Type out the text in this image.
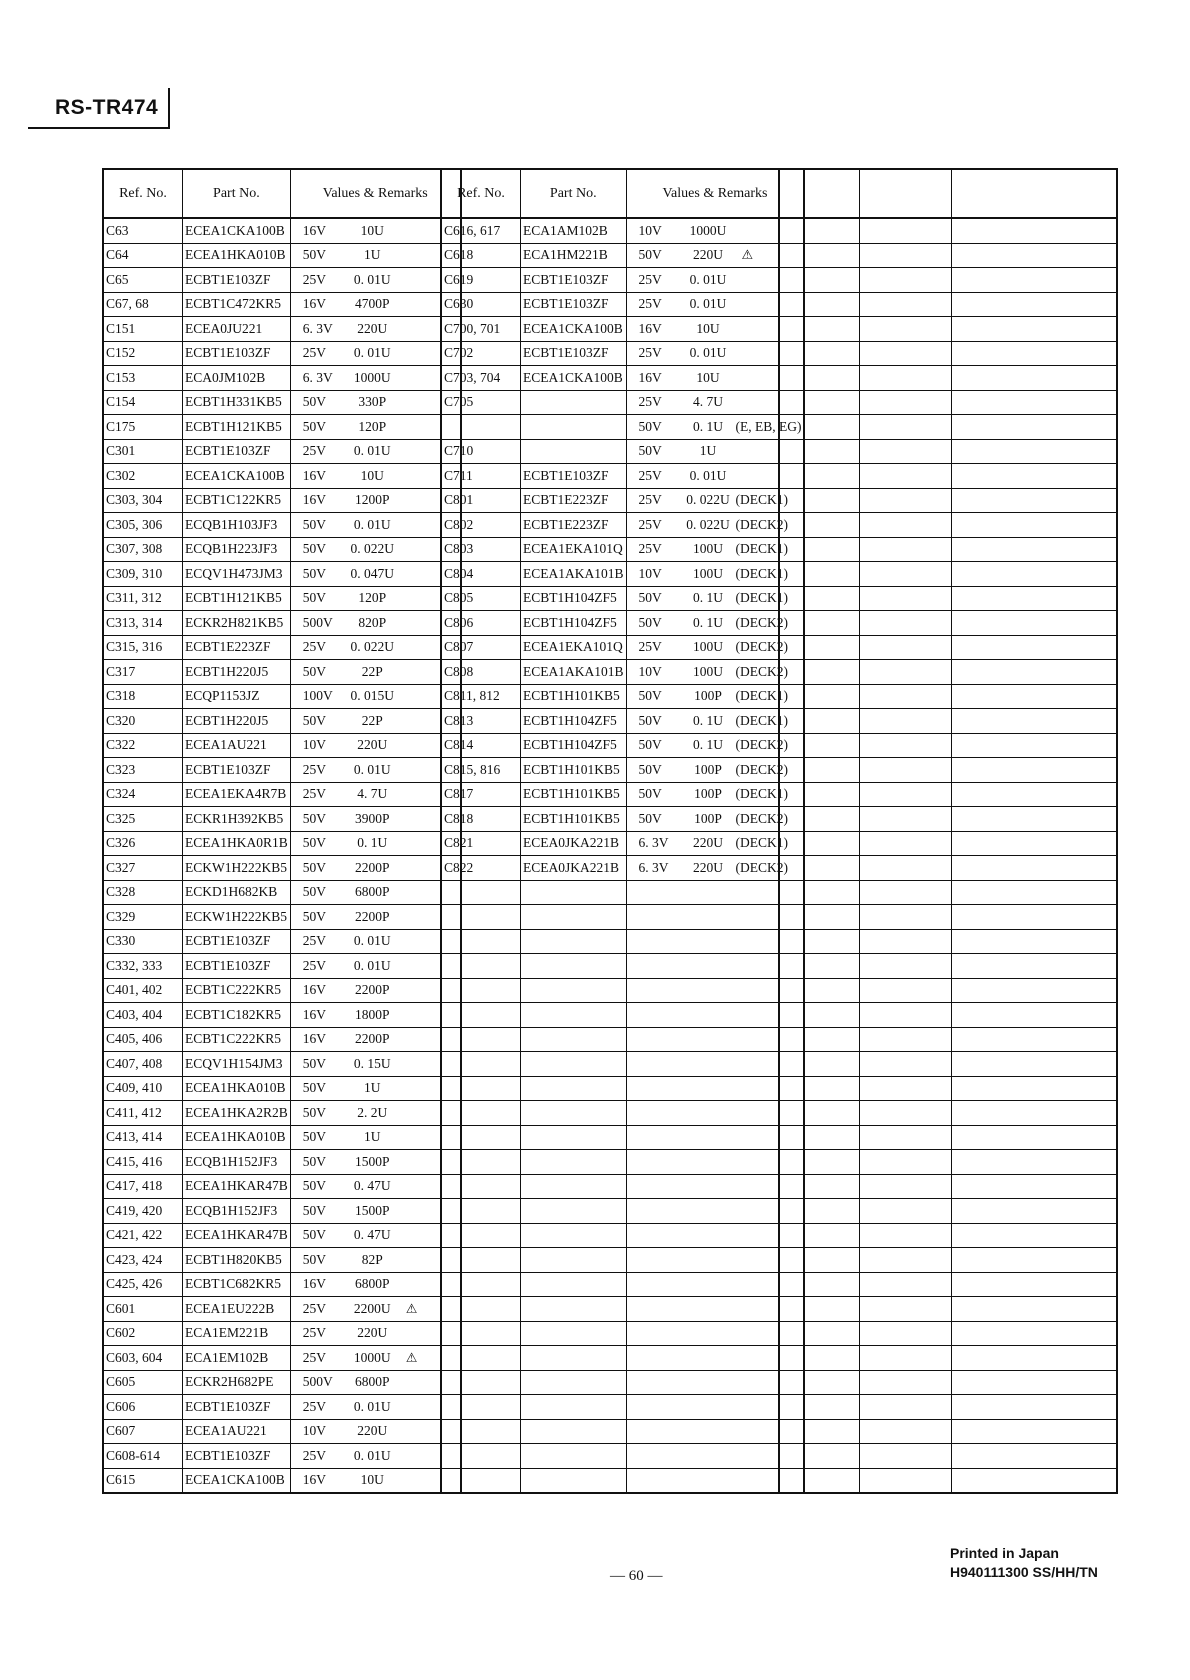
RS-TR474
Ref. No.	Part No.	Values & Remarks
C63	ECEA1CKA100B	16V 10U
C64	ECEA1HKA010B	50V 1U
C65	ECBT1E103ZF	25V 0. 01U
C67, 68	ECBT1C472KR5	16V 4700P
C151	ECEA0JU221	6. 3V 220U
C152	ECBT1E103ZF	25V 0. 01U
C153	ECA0JM102B	6. 3V 1000U
C154	ECBT1H331KB5	50V 330P
C175	ECBT1H121KB5	50V 120P
C301	ECBT1E103ZF	25V 0. 01U
C302	ECEA1CKA100B	16V 10U
C303, 304	ECBT1C122KR5	16V 1200P
C305, 306	ECQB1H103JF3	50V 0. 01U
C307, 308	ECQB1H223JF3	50V 0. 022U
C309, 310	ECQV1H473JM3	50V 0. 047U
C311, 312	ECBT1H121KB5	50V 120P
C313, 314	ECKR2H821KB5	500V 820P
C315, 316	ECBT1E223ZF	25V 0. 022U
C317	ECBT1H220J5	50V 22P
C318	ECQP1153JZ	100V 0. 015U
C320	ECBT1H220J5	50V 22P
C322	ECEA1AU221	10V 220U
C323	ECBT1E103ZF	25V 0. 01U
C324	ECEA1EKA4R7B	25V 4. 7U
C325	ECKR1H392KB5	50V 3900P
C326	ECEA1HKA0R1B	50V 0. 1U
C327	ECKW1H222KB5	50V 2200P
C328	ECKD1H682KB	50V 6800P
C329	ECKW1H222KB5	50V 2200P
C330	ECBT1E103ZF	25V 0. 01U
C332, 333	ECBT1E103ZF	25V 0. 01U
C401, 402	ECBT1C222KR5	16V 2200P
C403, 404	ECBT1C182KR5	16V 1800P
C405, 406	ECBT1C222KR5	16V 2200P
C407, 408	ECQV1H154JM3	50V 0. 15U
C409, 410	ECEA1HKA010B	50V 1U
C411, 412	ECEA1HKA2R2B	50V 2. 2U
C413, 414	ECEA1HKA010B	50V 1U
C415, 416	ECQB1H152JF3	50V 1500P
C417, 418	ECEA1HKAR47B	50V 0. 47U
C419, 420	ECQB1H152JF3	50V 1500P
C421, 422	ECEA1HKAR47B	50V 0. 47U
C423, 424	ECBT1H820KB5	50V 82P
C425, 426	ECBT1C682KR5	16V 6800P
C601	ECEA1EU222B	25V 2200U ⚠
C602	ECA1EM221B	25V 220U
C603, 604	ECA1EM102B	25V 1000U ⚠
C605	ECKR2H682PE	500V 6800P
C606	ECBT1E103ZF	25V 0. 01U
C607	ECEA1AU221	10V 220U
C608-614	ECBT1E103ZF	25V 0. 01U
C615	ECEA1CKA100B	16V 10U
Ref. No.	Part No.	Values & Remarks
C616, 617	ECA1AM102B	10V 1000U
C618	ECA1HM221B	50V 220U ⚠
C619	ECBT1E103ZF	25V 0. 01U
C630	ECBT1E103ZF	25V 0. 01U
C700, 701	ECEA1CKA100B	16V 10U
C702	ECBT1E103ZF	25V 0. 01U
C703, 704	ECEA1CKA100B	16V 10U
C705		25V 4. 7U
		50V 0. 1U (E, EB, EG)
C710		50V 1U
C711	ECBT1E103ZF	25V 0. 01U
C801	ECBT1E223ZF	25V 0. 022U (DECK1)
C802	ECBT1E223ZF	25V 0. 022U (DECK2)
C803	ECEA1EKA101Q	25V 100U (DECK1)
C804	ECEA1AKA101B	10V 100U (DECK1)
C805	ECBT1H104ZF5	50V 0. 1U (DECK1)
C806	ECBT1H104ZF5	50V 0. 1U (DECK2)
C807	ECEA1EKA101Q	25V 100U (DECK2)
C808	ECEA1AKA101B	10V 100U (DECK2)
C811, 812	ECBT1H101KB5	50V 100P (DECK1)
C813	ECBT1H104ZF5	50V 0. 1U (DECK1)
C814	ECBT1H104ZF5	50V 0. 1U (DECK2)
C815, 816	ECBT1H101KB5	50V 100P (DECK2)
C817	ECBT1H101KB5	50V 100P (DECK1)
C818	ECBT1H101KB5	50V 100P (DECK2)
C821	ECEA0JKA221B	6. 3V 220U (DECK1)
C822	ECEA0JKA221B	6. 3V 220U (DECK2)

— 60 —
Printed in Japan
H940111300 SS/HH/TN
